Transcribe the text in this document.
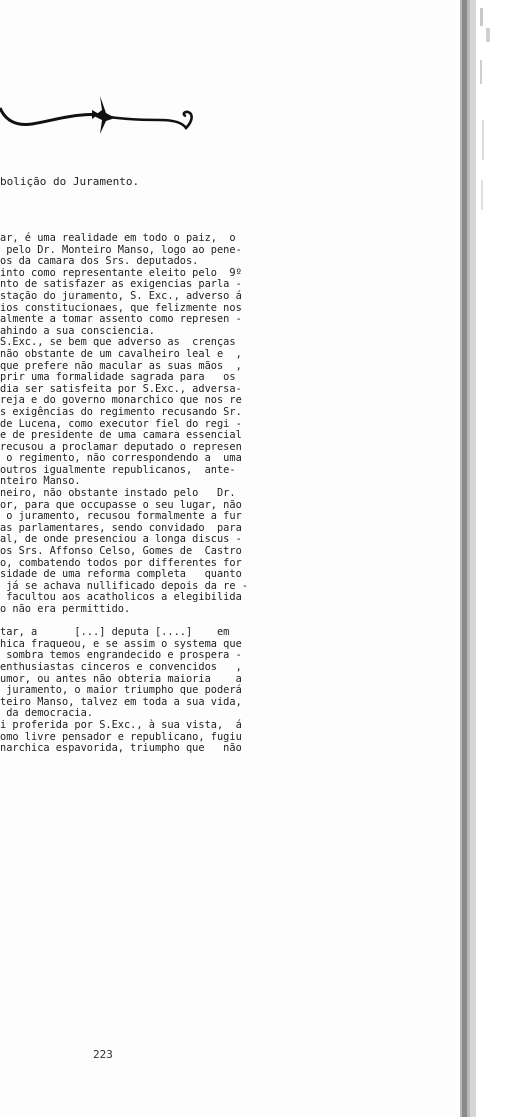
bolição do Juramento.
ar, é uma realidade em todo o paiz,  o
pelo Dr. Monteiro Manso, logo ao pene-
os da camara dos Srs. deputados.
into como representante eleito pelo  9º
nto de satisfazer as exigencias parla -
stação do juramento, S. Exc., adverso á
ios constitucionaes, que felizmente nos
almente a tomar assento como represen -
ahindo a sua consciencia.
S.Exc., se bem que adverso as  crenças
não obstante de um cavalheiro leal e  ,
que prefere não macular as suas mãos  ,
prir uma formalidade sagrada para   os
dia ser satisfeita por S.Exc., adversa-
reja e do governo monarchico que nos re
s exigências do regimento recusando Sr.
de Lucena, como executor fiel do regi -
e de presidente de uma camara essencial
recusou a proclamar deputado o represen
o regimento, não correspondendo a  uma
outros igualmente republicanos,  ante-
nteiro Manso.
neiro, não obstante instado pelo   Dr.
or, para que occupasse o seu lugar, não
o juramento, recusou formalmente a fur
as parlamentares, sendo convidado  para
al, de onde presenciou a longa discus -
os Srs. Affonso Celso, Gomes de  Castro
o, combatendo todos por differentes for
sidade de uma reforma completa   quanto
já se achava nullificado depois da re -
facultou aos acatholicos a elegibilida
o não era permittido.
tar, a      [...] deputa [....]    em
hica fraqueou, e se assim o systema que
sombra temos engrandecido e prospera -
enthusiastas cinceros e convencidos   ,
umor, ou antes não obteria maioria    a
juramento, o maior triumpho que poderá
teiro Manso, talvez em toda a sua vida,
da democracia.
i proferida por S.Exc., à sua vista,  á
omo livre pensador e republicano, fugiu
narchica espavorida, triumpho que   não
223
